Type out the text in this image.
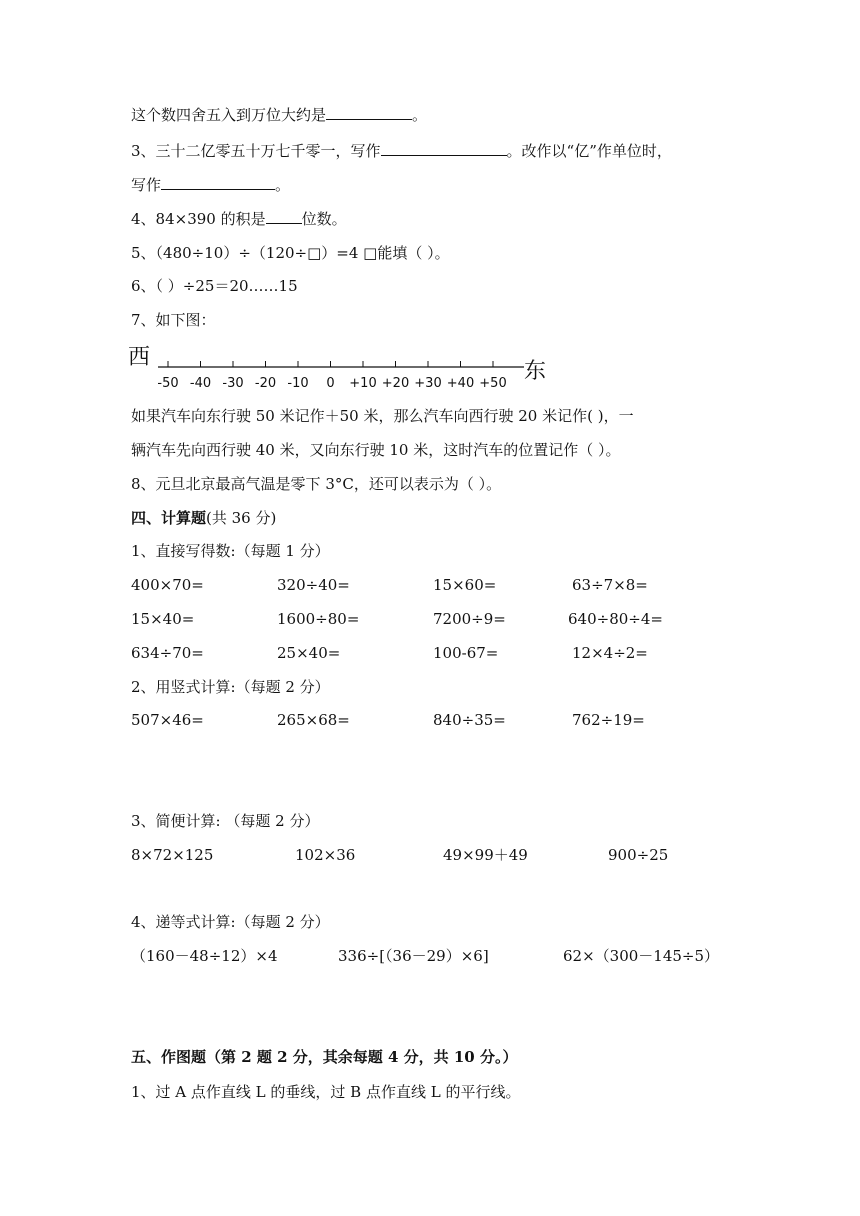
这个数四舍五入到万位大约是	。
3、三十二亿零五十万七千零一，写作	。改作以“亿”作单位时，
写作	。
4、84×390 的积是 位数。
5、（480÷10）÷（120÷□）=4 □能填（ ）。
6、（ ）÷25＝20……15
7、如下图：
西
-50 -40 -30 -20 -10 0 +10 +20 +30 +40 +50 东
如果汽车向东行驶 50 米记作＋50 米，那么汽车向西行驶 20 米记作( )，一
辆汽车先向西行驶 40 米，又向东行驶 10 米，这时汽车的位置记作（ ）。
8、元旦北京最高气温是零下 3°C，还可以表示为（ ）。
四、计算题(共 36 分)
1、直接写得数:（每题 1 分）
400×70=	320÷40=	15×60=	63÷7×8=
15×40=	1600÷80=	7200÷9=	640÷80÷4=
634÷70=	25×40=	100-67=	12×4÷2=
2、用竖式计算:（每题 2 分）
507×46=	265×68=	840÷35=	762÷19=
3、简便计算: （每题 2 分）
8×72×125	102×36	49×99＋49	900÷25
4、递等式计算:（每题 2 分）
（160－48÷12）×4	336÷[（36－29）×6]	62×（300－145÷5）
五、作图题（第 2 题 2 分，其余每题 4 分，共 10 分。）
1、过 A 点作直线 L 的垂线，过 B 点作直线 L 的平行线。
